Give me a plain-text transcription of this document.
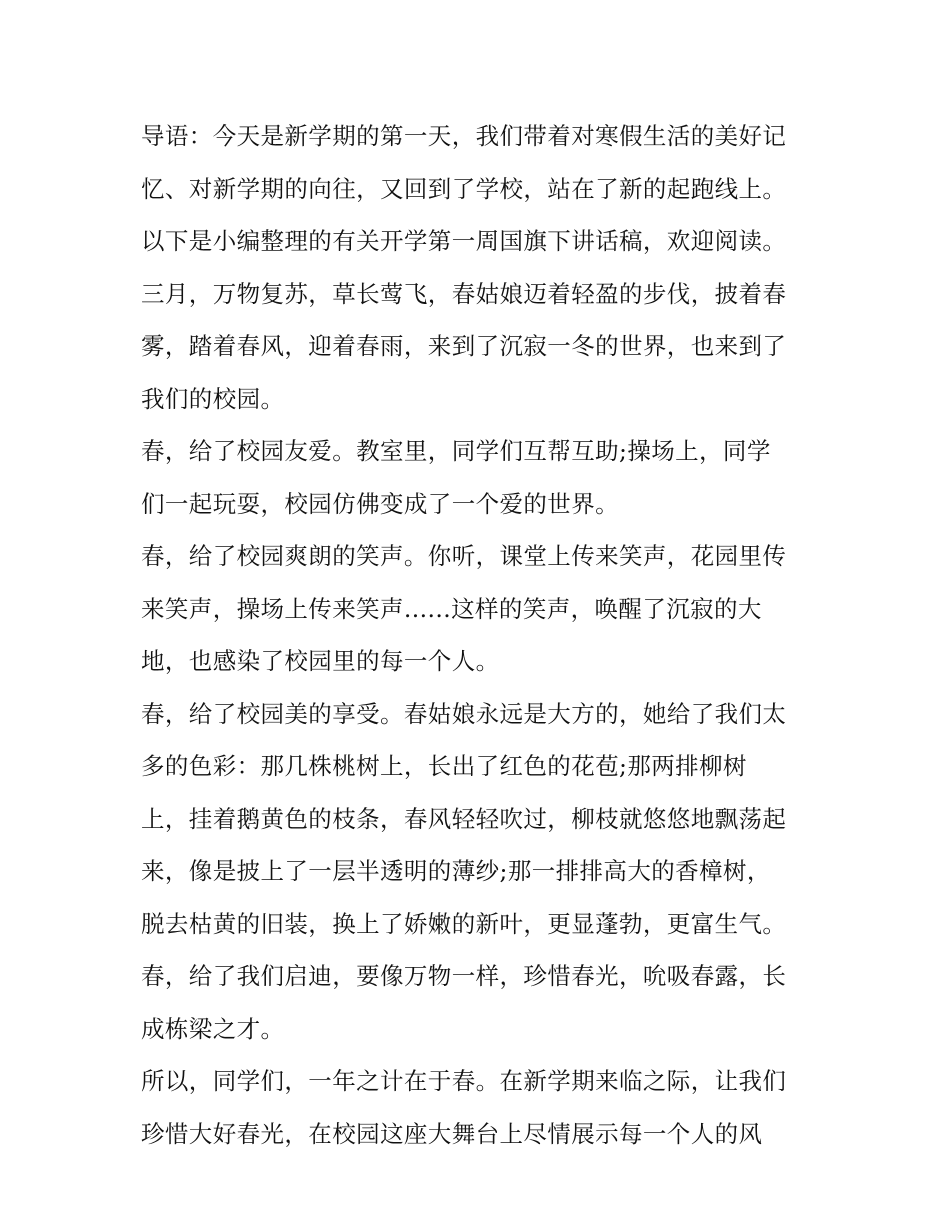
导语：今天是新学期的第一天，我们带着对寒假生活的美好记
忆、对新学期的向往，又回到了学校，站在了新的起跑线上。
以下是小编整理的有关开学第一周国旗下讲话稿，欢迎阅读。
三月，万物复苏，草长莺飞，春姑娘迈着轻盈的步伐，披着春
雾，踏着春风，迎着春雨，来到了沉寂一冬的世界，也来到了
我们的校园。
春，给了校园友爱。教室里，同学们互帮互助;操场上，同学
们一起玩耍，校园仿佛变成了一个爱的世界。
春，给了校园爽朗的笑声。你听，课堂上传来笑声，花园里传
来笑声，操场上传来笑声......这样的笑声，唤醒了沉寂的大
地，也感染了校园里的每一个人。
春，给了校园美的享受。春姑娘永远是大方的，她给了我们太
多的色彩：那几株桃树上，长出了红色的花苞;那两排柳树
上，挂着鹅黄色的枝条，春风轻轻吹过，柳枝就悠悠地飘荡起
来，像是披上了一层半透明的薄纱;那一排排高大的香樟树，
脱去枯黄的旧装，换上了娇嫩的新叶，更显蓬勃，更富生气。
春，给了我们启迪，要像万物一样，珍惜春光，吮吸春露，长
成栋梁之才。
所以，同学们，一年之计在于春。在新学期来临之际，让我们
珍惜大好春光，在校园这座大舞台上尽情展示每一个人的风
